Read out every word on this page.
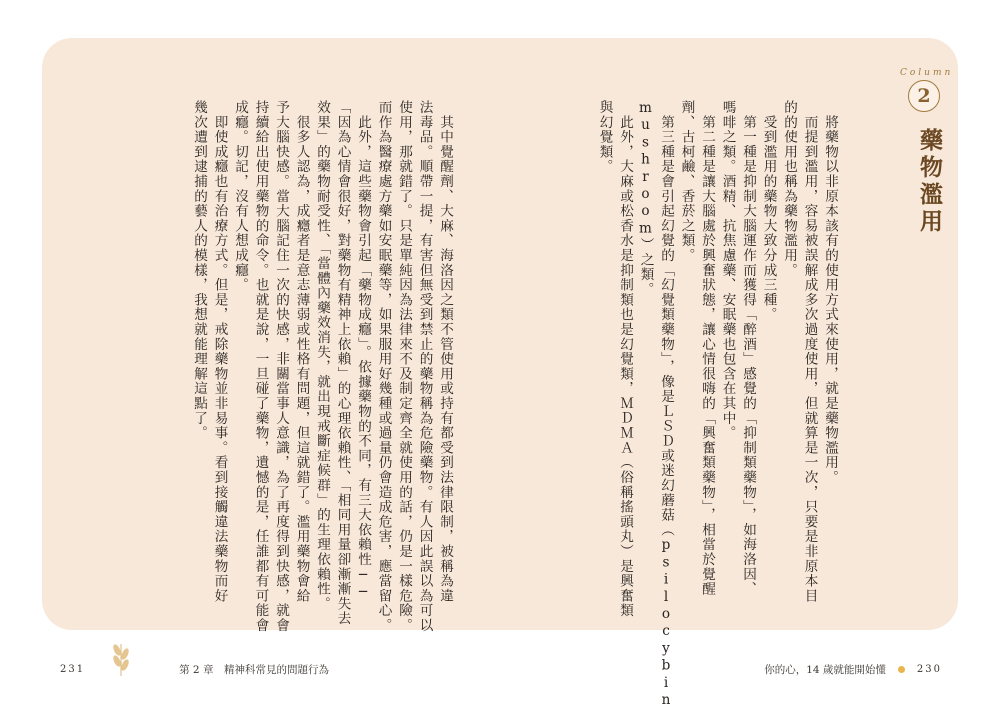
Column
2
藥物濫用

　將藥物以非原本該有的使用方式來使用，就是藥物濫用。

　而提到濫用，容易被誤解成多次過度使用，但就算是一次，只要是非原本目

的的使用也稱為藥物濫用。

　受到濫用的藥物大致分成三種。

　第一種是抑制大腦運作而獲得「醉酒」感覺的「抑制類藥物」，如海洛因、

嗎啡之類。酒精、抗焦慮藥、安眠藥也包含在其中。

　第二種是讓大腦處於興奮狀態，讓心情很嗨的「興奮類藥物」，相當於覺醒

劑、古柯鹼、香菸之類。

　第三種是會引起幻覺的「幻覺類藥物」，像是ＬＳＤ或迷幻蘑菇（psilocybin

mushroom）之類。

　此外，大麻或松香水是抑制類也是幻覺類，ＭＤＭＡ（俗稱搖頭丸）是興奮類

與幻覺類。

　其中覺醒劑、大麻、海洛因之類不管使用或持有都受到法律限制，被稱為違

法毒品。順帶一提，有害但無受到禁止的藥物稱為危險藥物。有人因此誤以為可以

使用，那就錯了。只是單純因為法律來不及制定齊全就使用的話，仍是一樣危險。

而作為醫療處方藥如安眠藥等，如果服用好幾種或過量仍會造成危害，應當留心。

　此外，這些藥物會引起「藥物成癮」。依據藥物的不同，有三大依賴性──

「因為心情會很好，對藥物有精神上依賴」的心理依賴性、「相同用量卻漸漸失去

效果」的藥物耐受性、「當體內藥效消失，就出現戒斷症候群」的生理依賴性。

　很多人認為，成癮者是意志薄弱或性格有問題，但這就錯了。濫用藥物會給

予大腦快感。當大腦記住一次的快感，非關當事人意識，為了再度得到快感，就會

持續給出使用藥物的命令。也就是說，一旦碰了藥物，遺憾的是，任誰都有可能會

成癮。切記，沒有人想成癮。

　即使成癮也有治療方式。但是，戒除藥物並非易事。看到接觸違法藥物而好

幾次遭到逮捕的藝人的模樣，我想就能理解這點了。

231	第 2 章　精神科常見的問題行為	你的心，14 歲就能開始懂	230
